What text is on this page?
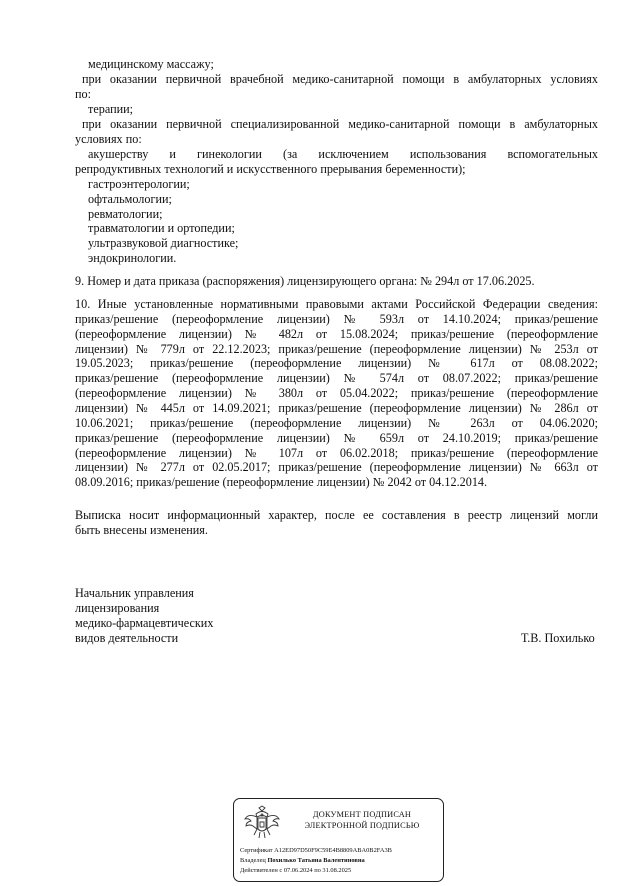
медицинскому массажу;
при оказании первичной врачебной медико-санитарной помощи в амбулаторных условиях
по:
терапии;
при оказании первичной специализированной медико-санитарной помощи в амбулаторных
условиях по:
акушерству и гинекологии (за исключением использования вспомогательных
репродуктивных технологий и искусственного прерывания беременности);
гастроэнтерологии;
офтальмологии;
ревматологии;
травматологии и ортопедии;
ультразвуковой диагностике;
эндокринологии.
9. Номер и дата приказа (распоряжения) лицензирующего органа: № 294л от 17.06.2025.
10. Иные установленные нормативными правовыми актами Российской Федерации сведения:
приказ/решение (переоформление лицензии) № 593л от 14.10.2024; приказ/решение
(переоформление лицензии) № 482л от 15.08.2024; приказ/решение (переоформление
лицензии) № 779л от 22.12.2023; приказ/решение (переоформление лицензии) № 253л от
19.05.2023; приказ/решение (переоформление лицензии) № 617л от 08.08.2022;
приказ/решение (переоформление лицензии) № 574л от 08.07.2022; приказ/решение
(переоформление лицензии) № 380л от 05.04.2022; приказ/решение (переоформление
лицензии) № 445л от 14.09.2021; приказ/решение (переоформление лицензии) № 286л от
10.06.2021; приказ/решение (переоформление лицензии) № 263л от 04.06.2020;
приказ/решение (переоформление лицензии) № 659л от 24.10.2019; приказ/решение
(переоформление лицензии) № 107л от 06.02.2018; приказ/решение (переоформление
лицензии) № 277л от 02.05.2017; приказ/решение (переоформление лицензии) № 663л от
08.09.2016; приказ/решение (переоформление лицензии) № 2042 от 04.12.2014.
Выписка носит информационный характер, после ее составления в реестр лицензий могли
быть внесены изменения.
Начальник управления
лицензирования
медико-фармацевтических
видов деятельности	Т.В. Похилько
ДОКУМЕНТ ПОДПИСАН
ЭЛЕКТРОННОЙ ПОДПИСЬЮ
Сертификат A12ED97D50F9C59E4B8809ABA0B2FA3B
Владелец Похилько Татьяна Валентиновна
Действителен с 07.06.2024 по 31.08.2025
